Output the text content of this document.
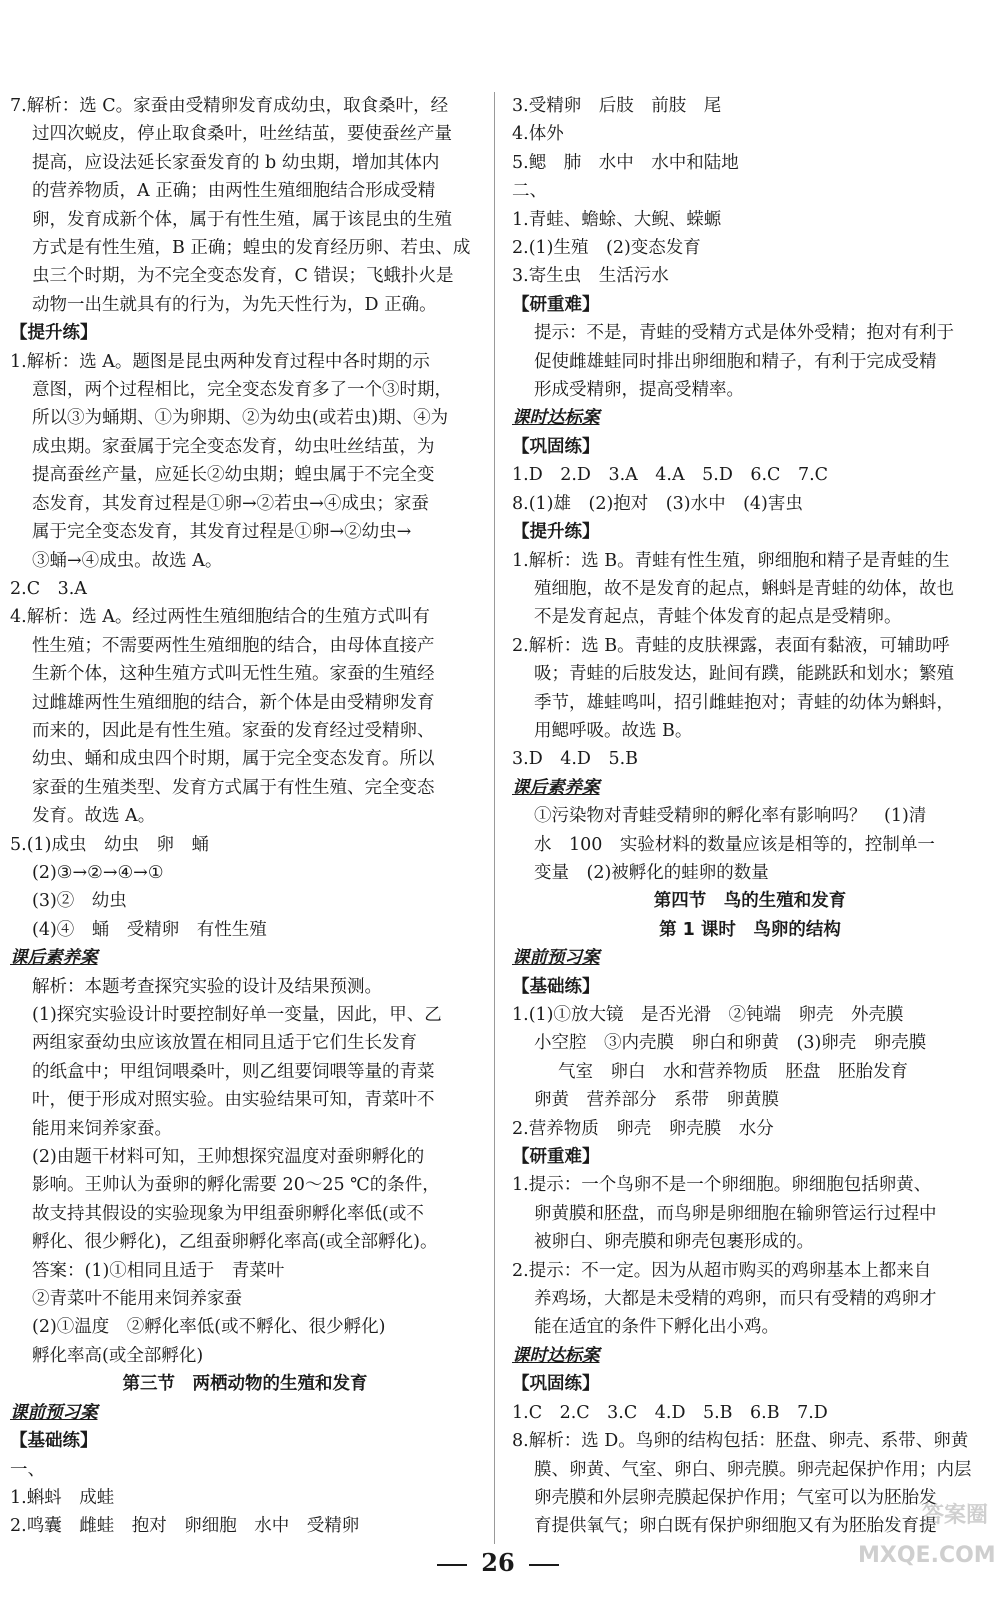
7.解析：选 C。家蚕由受精卵发育成幼虫，取食桑叶，经
过四次蜕皮，停止取食桑叶，吐丝结茧，要使蚕丝产量
提高，应设法延长家蚕发育的 b 幼虫期，增加其体内
的营养物质，A 正确；由两性生殖细胞结合形成受精
卵，发育成新个体，属于有性生殖，属于该昆虫的生殖
方式是有性生殖，B 正确；蝗虫的发育经历卵、若虫、成
虫三个时期，为不完全变态发育，C 错误；飞蛾扑火是
动物一出生就具有的行为，为先天性行为，D 正确。
【提升练】
1.解析：选 A。题图是昆虫两种发育过程中各时期的示
意图，两个过程相比，完全变态发育多了一个③时期，
所以③为蛹期、①为卵期、②为幼虫(或若虫)期、④为
成虫期。家蚕属于完全变态发育，幼虫吐丝结茧，为
提高蚕丝产量，应延长②幼虫期；蝗虫属于不完全变
态发育，其发育过程是①卵→②若虫→④成虫；家蚕
属于完全变态发育，其发育过程是①卵→②幼虫→
③蛹→④成虫。故选 A。
2.C　3.A
4.解析：选 A。经过两性生殖细胞结合的生殖方式叫有
性生殖；不需要两性生殖细胞的结合，由母体直接产
生新个体，这种生殖方式叫无性生殖。家蚕的生殖经
过雌雄两性生殖细胞的结合，新个体是由受精卵发育
而来的，因此是有性生殖。家蚕的发育经过受精卵、
幼虫、蛹和成虫四个时期，属于完全变态发育。所以
家蚕的生殖类型、发育方式属于有性生殖、完全变态
发育。故选 A。
5.(1)成虫　幼虫　卵　蛹
(2)③→②→④→①
(3)②　幼虫
(4)④　蛹　受精卵　有性生殖
课后素养案
解析：本题考查探究实验的设计及结果预测。
(1)探究实验设计时要控制好单一变量，因此，甲、乙
两组家蚕幼虫应该放置在相同且适于它们生长发育
的纸盒中；甲组饲喂桑叶，则乙组要饲喂等量的青菜
叶，便于形成对照实验。由实验结果可知，青菜叶不
能用来饲养家蚕。
(2)由题干材料可知，王帅想探究温度对蚕卵孵化的
影响。王帅认为蚕卵的孵化需要 20～25 ℃的条件，
故支持其假设的实验现象为甲组蚕卵孵化率低(或不
孵化、很少孵化)，乙组蚕卵孵化率高(或全部孵化)。
答案：(1)①相同且适于　青菜叶
②青菜叶不能用来饲养家蚕
(2)①温度　②孵化率低(或不孵化、很少孵化)
孵化率高(或全部孵化)
第三节　两栖动物的生殖和发育
课前预习案
【基础练】
一、
1.蝌蚪　成蛙
2.鸣囊　雌蛙　抱对　卵细胞　水中　受精卵
3.受精卵　后肢　前肢　尾
4.体外
5.鳃　肺　水中　水中和陆地
二、
1.青蛙、蟾蜍、大鲵、蝾螈
2.(1)生殖　(2)变态发育
3.寄生虫　生活污水
【研重难】
提示：不是，青蛙的受精方式是体外受精；抱对有利于
促使雌雄蛙同时排出卵细胞和精子，有利于完成受精
形成受精卵，提高受精率。
课时达标案
【巩固练】
1.D　2.D　3.A　4.A　5.D　6.C　7.C
8.(1)雄　(2)抱对　(3)水中　(4)害虫
【提升练】
1.解析：选 B。青蛙有性生殖，卵细胞和精子是青蛙的生
殖细胞，故不是发育的起点，蝌蚪是青蛙的幼体，故也
不是发育起点，青蛙个体发育的起点是受精卵。
2.解析：选 B。青蛙的皮肤裸露，表面有黏液，可辅助呼
吸；青蛙的后肢发达，趾间有蹼，能跳跃和划水；繁殖
季节，雄蛙鸣叫，招引雌蛙抱对；青蛙的幼体为蝌蚪，
用鳃呼吸。故选 B。
3.D　4.D　5.B
课后素养案
①污染物对青蛙受精卵的孵化率有影响吗？　(1)清
水　100　实验材料的数量应该是相等的，控制单一
变量　(2)被孵化的蛙卵的数量
第四节　鸟的生殖和发育
第 1 课时　鸟卵的结构
课前预习案
【基础练】
1.(1)①放大镜　是否光滑　②钝端　卵壳　外壳膜
小空腔　③内壳膜　卵白和卵黄　(3)卵壳　卵壳膜
气室　卵白　水和营养物质　胚盘　胚胎发育
卵黄　营养部分　系带　卵黄膜
2.营养物质　卵壳　卵壳膜　水分
【研重难】
1.提示：一个鸟卵不是一个卵细胞。卵细胞包括卵黄、
卵黄膜和胚盘，而鸟卵是卵细胞在输卵管运行过程中
被卵白、卵壳膜和卵壳包裹形成的。
2.提示：不一定。因为从超市购买的鸡卵基本上都来自
养鸡场，大都是未受精的鸡卵，而只有受精的鸡卵才
能在适宜的条件下孵化出小鸡。
课时达标案
【巩固练】
1.C　2.C　3.C　4.D　5.B　6.B　7.D
8.解析：选 D。鸟卵的结构包括：胚盘、卵壳、系带、卵黄
膜、卵黄、气室、卵白、卵壳膜。卵壳起保护作用；内层
卵壳膜和外层卵壳膜起保护作用；气室可以为胚胎发
育提供氧气；卵白既有保护卵细胞又有为胚胎发育提
26
答案圈
MXQE.COM
